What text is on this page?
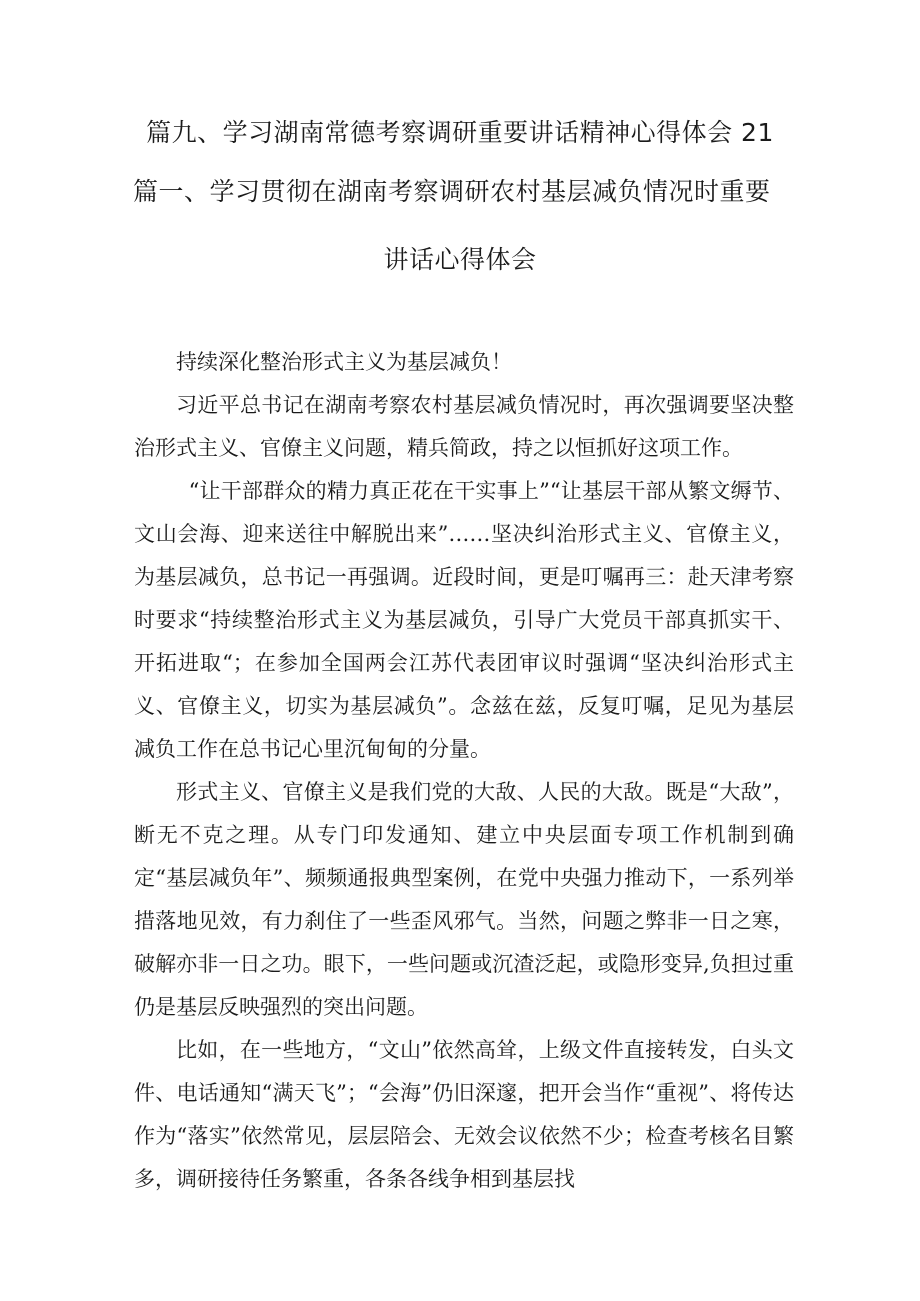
篇九、学习湖南常德考察调研重要讲话精神心得体会 21
篇一、学习贯彻在湖南考察调研农村基层减负情况时重要
讲话心得体会

持续深化整治形式主义为基层减负！

习近平总书记在湖南考察农村基层减负情况时，再次强调要坚决整治形式主义、官僚主义问题，精兵简政，持之以恒抓好这项工作。

“让干部群众的精力真正花在干实事上”“让基层干部从繁文缛节、文山会海、迎来送往中解脱出来”……坚决纠治形式主义、官僚主义，为基层减负，总书记一再强调。近段时间，更是叮嘱再三：赴天津考察时要求“持续整治形式主义为基层减负，引导广大党员干部真抓实干、开拓进取“；在参加全国两会江苏代表团审议时强调“坚决纠治形式主义、官僚主义，切实为基层减负”。念兹在兹，反复叮嘱，足见为基层减负工作在总书记心里沉甸甸的分量。

形式主义、官僚主义是我们党的大敌、人民的大敌。既是“大敌”，断无不克之理。从专门印发通知、建立中央层面专项工作机制到确定“基层减负年”、频频通报典型案例，在党中央强力推动下，一系列举措落地见效，有力刹住了一些歪风邪气。当然，问题之弊非一日之寒，破解亦非一日之功。眼下，一些问题或沉渣泛起，或隐形变异,负担过重仍是基层反映强烈的突出问题。

比如，在一些地方，“文山”依然高耸，上级文件直接转发，白头文件、电话通知“满天飞”；“会海”仍旧深邃，把开会当作“重视”、将传达作为“落实”依然常见，层层陪会、无效会议依然不少；检查考核名目繁多，调研接待任务繁重，各条各线争相到基层找
